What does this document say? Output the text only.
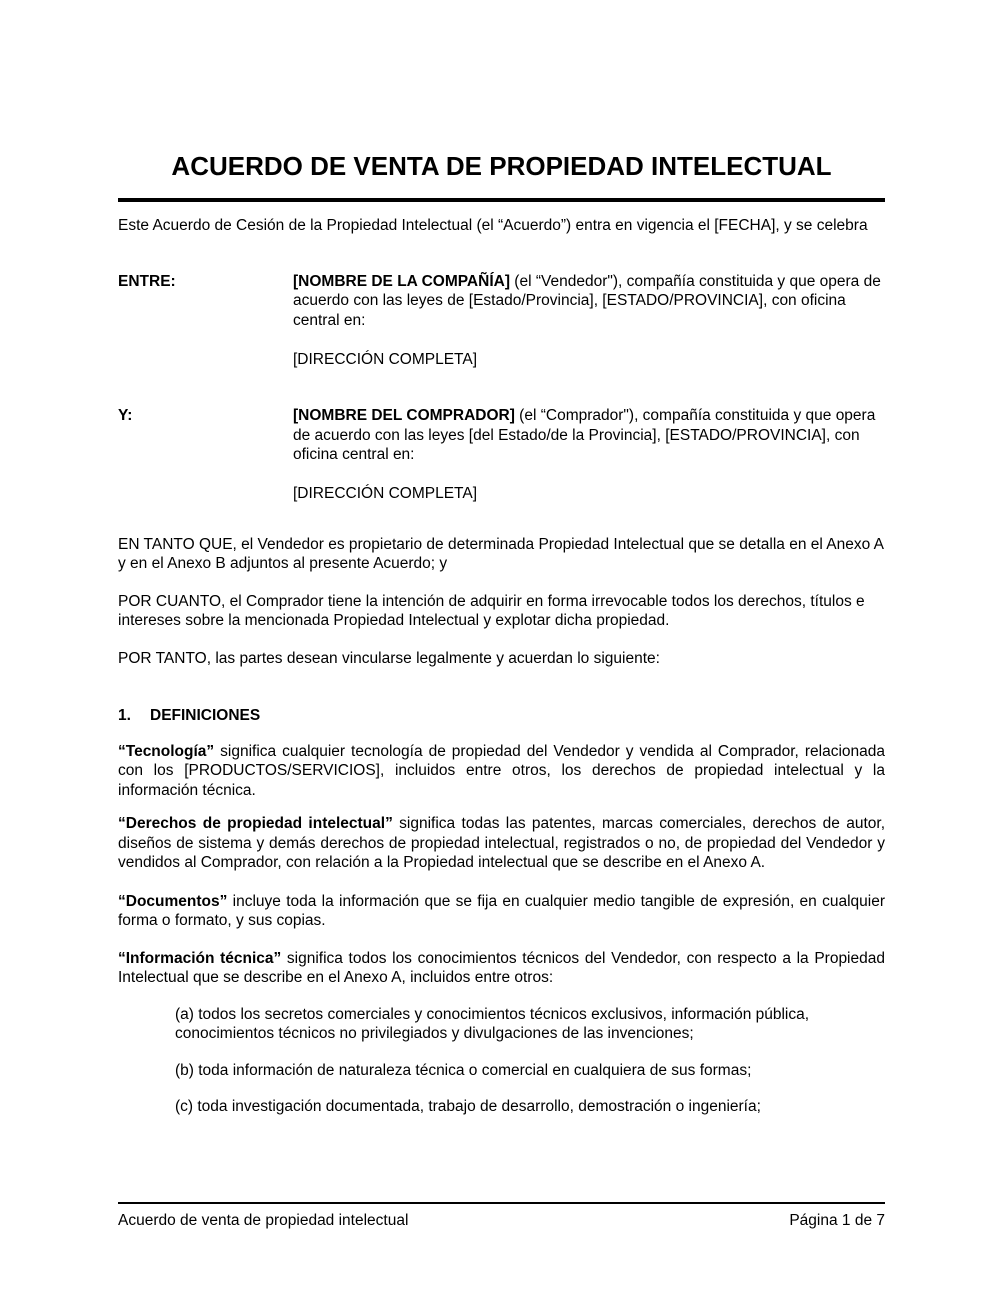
ACUERDO DE VENTA DE PROPIEDAD INTELECTUAL

Este Acuerdo de Cesión de la Propiedad Intelectual (el “Acuerdo”) entra en vigencia el [FECHA], y se celebra

ENTRE:	[NOMBRE DE LA COMPAÑÍA] (el “Vendedor"), compañía constituida y que opera de acuerdo con las leyes de [Estado/Provincia], [ESTADO/PROVINCIA], con oficina central en:

[DIRECCIÓN COMPLETA]

Y:	[NOMBRE DEL COMPRADOR] (el “Comprador"), compañía constituida y que opera de acuerdo con las leyes [del Estado/de la Provincia], [ESTADO/PROVINCIA], con oficina central en:

[DIRECCIÓN COMPLETA]

EN TANTO QUE, el Vendedor es propietario de determinada Propiedad Intelectual que se detalla en el Anexo A y en el Anexo B adjuntos al presente Acuerdo; y

POR CUANTO, el Comprador tiene la intención de adquirir en forma irrevocable todos los derechos, títulos e intereses sobre la mencionada Propiedad Intelectual y explotar dicha propiedad.

POR TANTO, las partes desean vincularse legalmente y acuerdan lo siguiente:

1.	DEFINICIONES

“Tecnología” significa cualquier tecnología de propiedad del Vendedor y vendida al Comprador, relacionada con los [PRODUCTOS/SERVICIOS], incluidos entre otros, los derechos de propiedad intelectual y la información técnica.

“Derechos de propiedad intelectual” significa todas las patentes, marcas comerciales, derechos de autor, diseños de sistema y demás derechos de propiedad intelectual, registrados o no, de propiedad del Vendedor y vendidos al Comprador, con relación a la Propiedad intelectual que se describe en el Anexo A.

“Documentos” incluye toda la información que se fija en cualquier medio tangible de expresión, en cualquier forma o formato, y sus copias.

“Información técnica” significa todos los conocimientos técnicos del Vendedor, con respecto a la Propiedad Intelectual que se describe en el Anexo A, incluidos entre otros:

(a) todos los secretos comerciales y conocimientos técnicos exclusivos, información pública, conocimientos técnicos no privilegiados y divulgaciones de las invenciones;

(b) toda información de naturaleza técnica o comercial en cualquiera de sus formas;

(c) toda investigación documentada, trabajo de desarrollo, demostración o ingeniería;

Acuerdo de venta de propiedad intelectual	Página 1 de 7
